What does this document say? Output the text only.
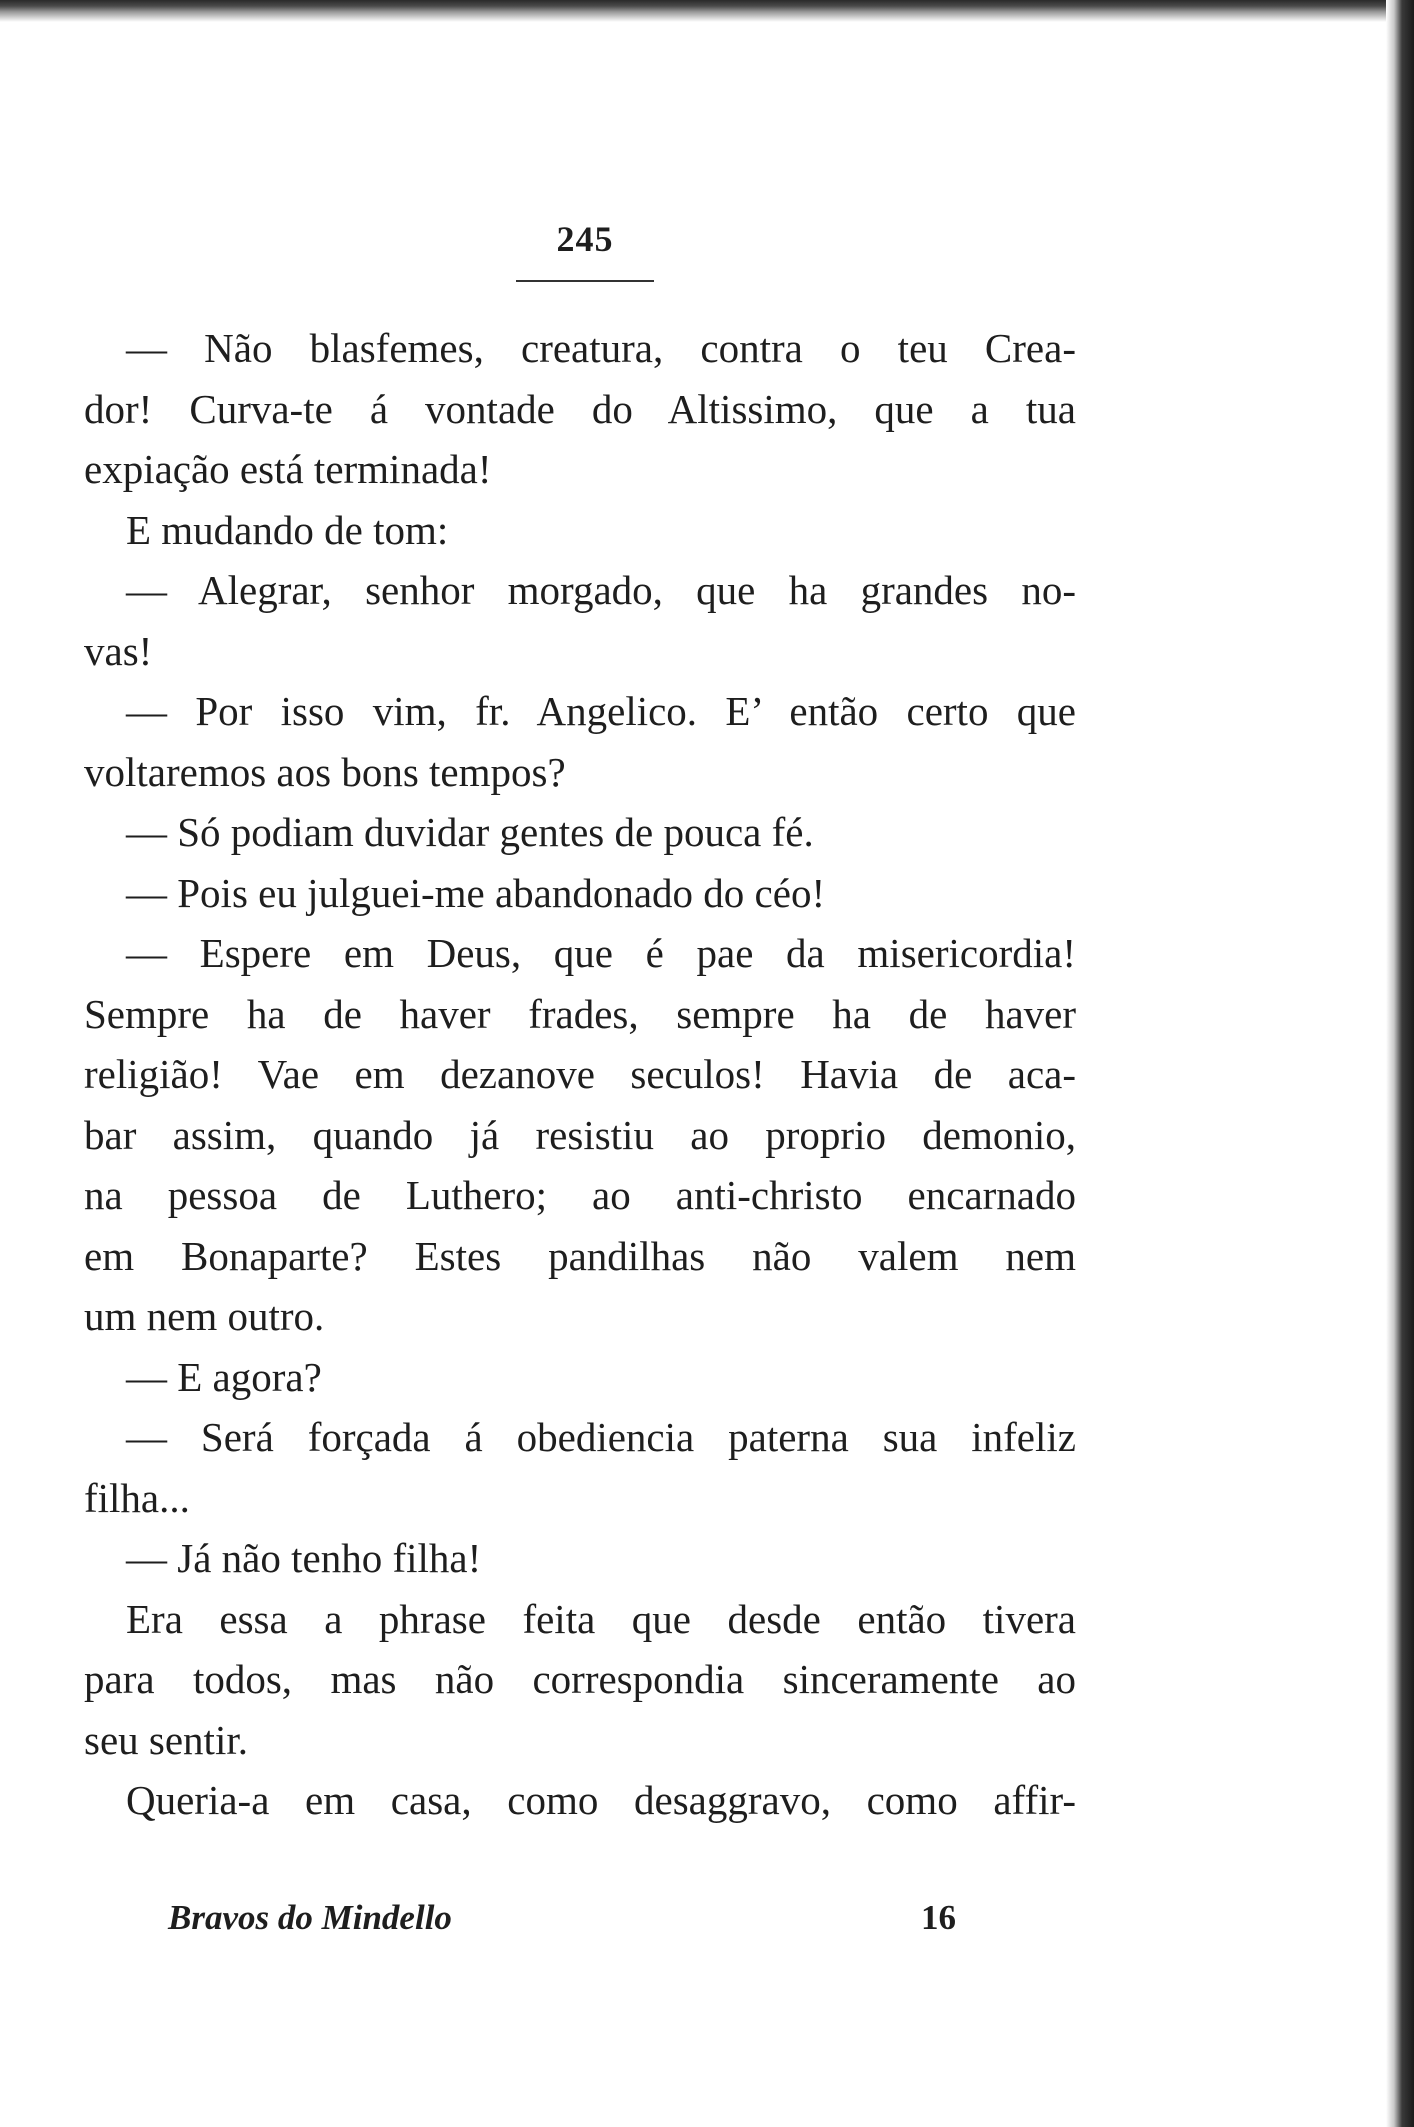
245
— Não blasfemes, creatura, contra o teu Crea-
dor! Curva-te á vontade do Altissimo, que a tua
expiação está terminada!
E mudando de tom:
— Alegrar, senhor morgado, que ha grandes no-
vas!
— Por isso vim, fr. Angelico. E’ então certo que
voltaremos aos bons tempos?
— Só podiam duvidar gentes de pouca fé.
— Pois eu julguei-me abandonado do céo!
— Espere em Deus, que é pae da misericordia!
Sempre ha de haver frades, sempre ha de haver
religião! Vae em dezanove seculos! Havia de aca-
bar assim, quando já resistiu ao proprio demonio,
na pessoa de Luthero; ao anti-christo encarnado
em Bonaparte? Estes pandilhas não valem nem
um nem outro.
— E agora?
— Será forçada á obediencia paterna sua infeliz
filha...
— Já não tenho filha!
Era essa a phrase feita que desde então tivera
para todos, mas não correspondia sinceramente ao
seu sentir.
Queria-a em casa, como desaggravo, como affir-
Bravos do Mindello	16
